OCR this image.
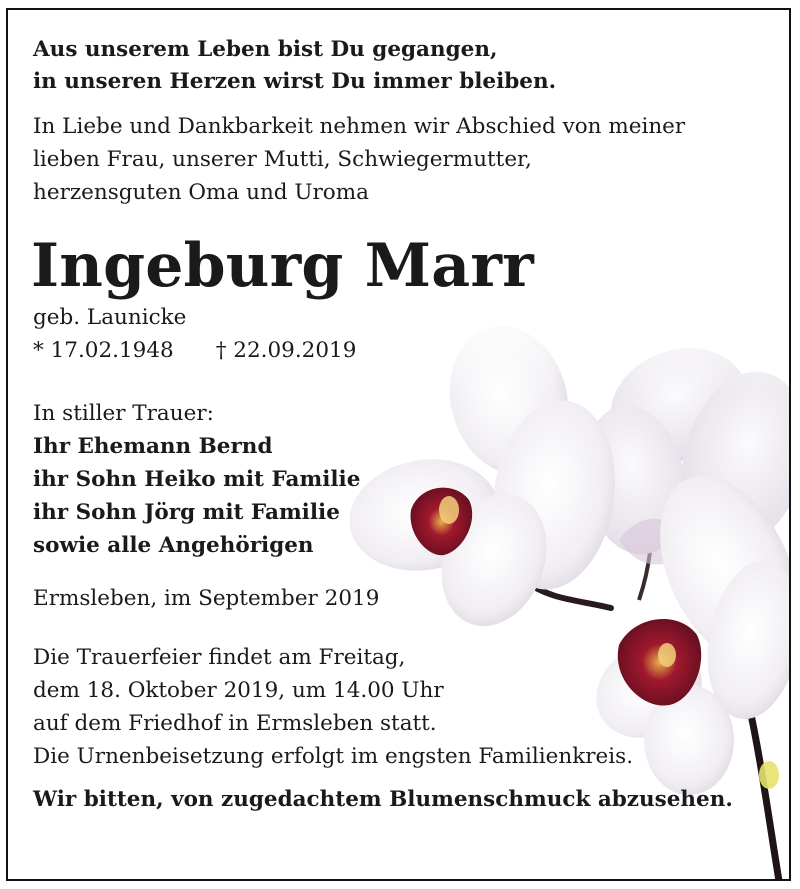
Aus unserem Leben bist Du gegangen,
in unseren Herzen wirst Du immer bleiben.

In Liebe und Dankbarkeit nehmen wir Abschied von meiner
lieben Frau, unserer Mutti, Schwiegermutter,
herzensguten Oma und Uroma

Ingeburg Marr

geb. Launicke

* 17.02.1948 † 22.09.2019

In stiller Trauer:

Ihr Ehemann Bernd

ihr Sohn Heiko mit Familie

ihr Sohn Jörg mit Familie

sowie alle Angehörigen

Ermsleben, im September 2019

Die Trauerfeier findet am Freitag,
dem 18. Oktober 2019, um 14.00 Uhr
auf dem Friedhof in Ermsleben statt.
Die Urnenbeisetzung erfolgt im engsten Familienkreis.

Wir bitten, von zugedachtem Blumenschmuck abzusehen.
